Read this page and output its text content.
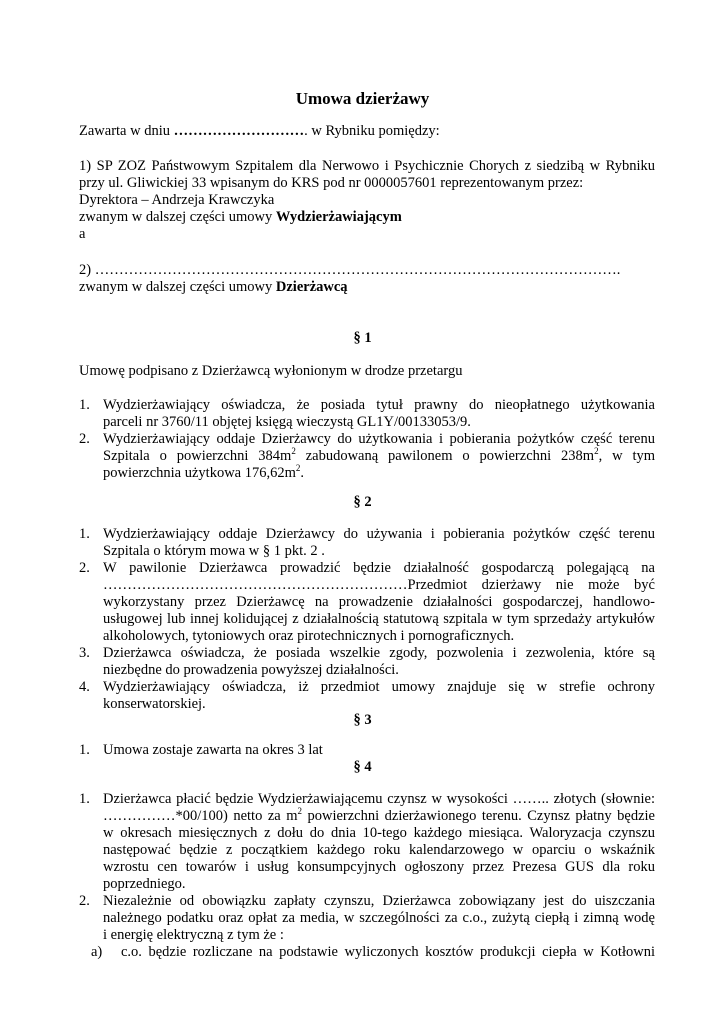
Umowa dzierżawy
Zawarta w dniu ………………………. w Rybniku pomiędzy:
1) SP ZOZ Państwowym Szpitalem dla Nerwowo i Psychicznie Chorych z siedzibą w Rybniku
przy ul. Gliwickiej 33 wpisanym do KRS pod nr 0000057601 reprezentowanym przez:
Dyrektora – Andrzeja Krawczyka
zwanym w dalszej części umowy Wydzierżawiającym
a
2) ……………………………………………………………………………………………….
zwanym w dalszej części umowy Dzierżawcą
§ 1
Umowę podpisano z Dzierżawcą wyłonionym w drodze przetargu
1. Wydzierżawiający oświadcza, że posiada tytuł prawny do nieopłatnego użytkowania
parceli nr 3760/11 objętej księgą wieczystą GL1Y/00133053/9.
2. Wydzierżawiający oddaje Dzierżawcy do użytkowania i pobierania pożytków część terenu
Szpitala o powierzchni $384m^2$ zabudowaną pawilonem o powierzchni $238m^2$, w tym
powierzchnia użytkowa $176,62m^2$.
§ 2
1. Wydzierżawiający oddaje Dzierżawcy do używania i pobierania pożytków część terenu
Szpitala o którym mowa w § 1 pkt. 2 .
2. W pawilonie Dzierżawca prowadzić będzie działalność gospodarczą polegającą na
………………………………………………………Przedmiot dzierżawy nie może być
wykorzystany przez Dzierżawcę na prowadzenie działalności gospodarczej, handlowo-
usługowej lub innej kolidującej z działalnością statutową szpitala w tym sprzedaży artykułów
alkoholowych, tytoniowych oraz pirotechnicznych i pornograficznych.
3. Dzierżawca oświadcza, że posiada wszelkie zgody, pozwolenia i zezwolenia, które są
niezbędne do prowadzenia powyższej działalności.
4. Wydzierżawiający oświadcza, iż przedmiot umowy znajduje się w strefie ochrony
konserwatorskiej.
§ 3
1. Umowa zostaje zawarta na okres 3 lat
§ 4
1. Dzierżawca płacić będzie Wydzierżawiającemu czynsz w wysokości …….. złotych (słownie:
……………*00/100) netto za $m^2$ powierzchni dzierżawionego terenu. Czynsz płatny będzie
w okresach miesięcznych z dołu do dnia 10-tego każdego miesiąca. Waloryzacja czynszu
następować będzie z początkiem każdego roku kalendarzowego w oparciu o wskaźnik
wzrostu cen towarów i usług konsumpcyjnych ogłoszony przez Prezesa GUS dla roku
poprzedniego.
2. Niezależnie od obowiązku zapłaty czynszu, Dzierżawca zobowiązany jest do uiszczania
należnego podatku oraz opłat za media, w szczególności za c.o., zużytą ciepłą i zimną wodę
i energię elektryczną z tym że :
a) c.o. będzie rozliczane na podstawie wyliczonych kosztów produkcji ciepła w Kotłowni
